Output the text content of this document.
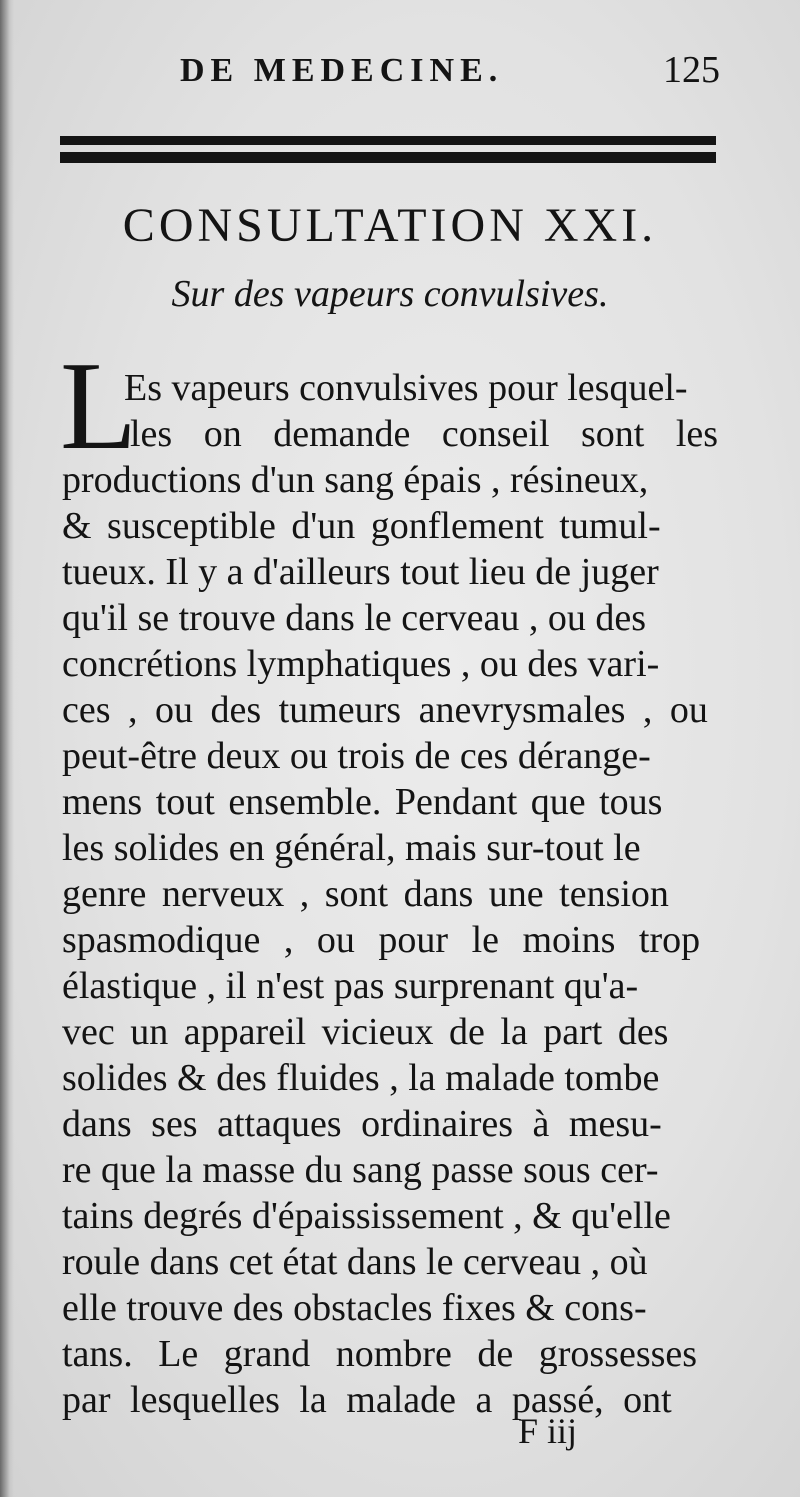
DE MEDECINE.	125
CONSULTATION XXI.
Sur des vapeurs convulsives.
L
Es vapeurs convulsives pour lesquel-
les on demande conseil sont les
productions d'un sang épais , résineux,
& susceptible d'un gonflement tumul-
tueux. Il y a d'ailleurs tout lieu de juger
qu'il se trouve dans le cerveau , ou des
concrétions lymphatiques , ou des vari-
ces , ou des tumeurs anevrysmales , ou
peut-être deux ou trois de ces dérange-
mens tout ensemble. Pendant que tous
les solides en général, mais sur-tout le
genre nerveux , sont dans une tension
spasmodique , ou pour le moins trop
élastique , il n'est pas surprenant qu'a-
vec un appareil vicieux de la part des
solides & des fluides , la malade tombe
dans ses attaques ordinaires à mesu-
re que la masse du sang passe sous cer-
tains degrés d'épaississement , & qu'elle
roule dans cet état dans le cerveau , où
elle trouve des obstacles fixes & cons-
tans. Le grand nombre de grossesses
par lesquelles la malade a passé, ont
F iij
